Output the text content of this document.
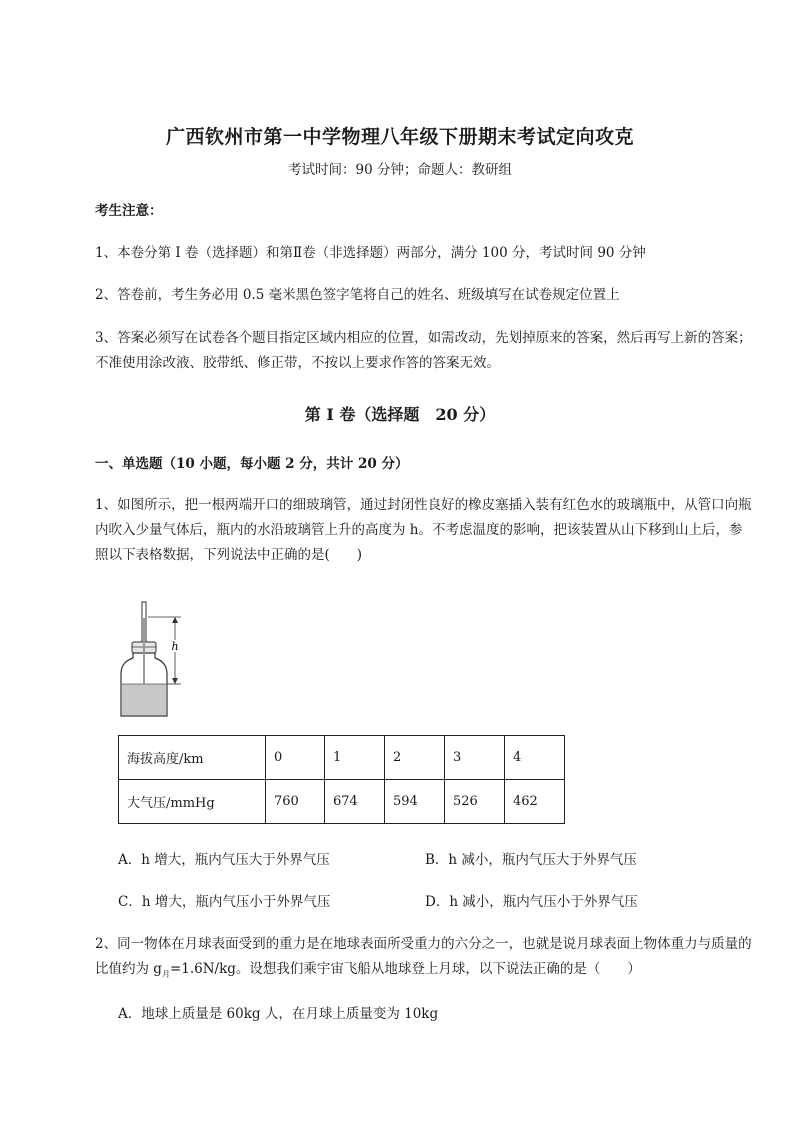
广西钦州市第一中学物理八年级下册期末考试定向攻克
考试时间：90 分钟；命题人：教研组
考生注意：
1、本卷分第 I 卷（选择题）和第Ⅱ卷（非选择题）两部分，满分 100 分，考试时间 90 分钟
2、答卷前，考生务必用 0.5 毫米黑色签字笔将自己的姓名、班级填写在试卷规定位置上
3、答案必须写在试卷各个题目指定区域内相应的位置，如需改动，先划掉原来的答案，然后再写上新的答案；不准使用涂改液、胶带纸、修正带，不按以上要求作答的答案无效。
第 I 卷（选择题　20 分）
一、单选题（10 小题，每小题 2 分，共计 20 分）
1、如图所示，把一根两端开口的细玻璃管，通过封闭性良好的橡皮塞插入装有红色水的玻璃瓶中，从管口向瓶内吹入少量气体后，瓶内的水沿玻璃管上升的高度为 h。不考虑温度的影响，把该装置从山下移到山上后，参照以下表格数据，下列说法中正确的是(　　)
h
海拔高度/km	0	1	2	3	4
大气压/mmHg	760	674	594	526	462
A．h 增大，瓶内气压大于外界气压	B．h 减小，瓶内气压大于外界气压
C．h 增大，瓶内气压小于外界气压	D．h 减小，瓶内气压小于外界气压
2、同一物体在月球表面受到的重力是在地球表面所受重力的六分之一，也就是说月球表面上物体重力与质量的比值约为 $g_月=1.6N/kg$。设想我们乘宇宙飞船从地球登上月球，以下说法正确的是（　　）
A．地球上质量是 60kg 人，在月球上质量变为 10kg
